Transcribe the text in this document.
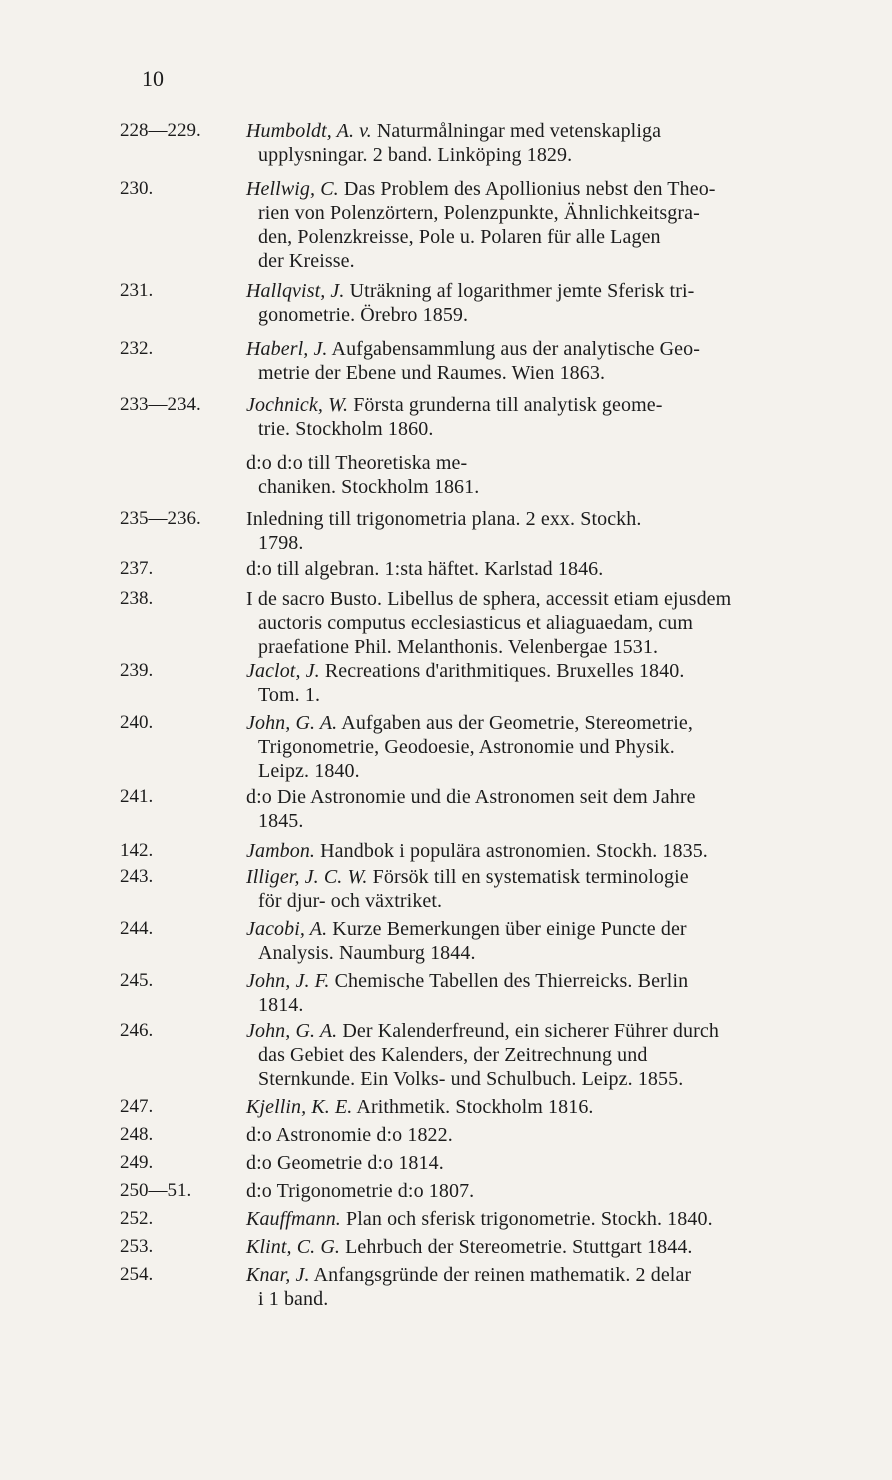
10
228—229. Humboldt, A. v. Naturmålningar med vetenskapliga
upplysningar. 2 band. Linköping 1829.
230.	Hellwig, C. Das Problem des Apollionius nebst den Theo-
rien von Polenzörtern, Polenzpunkte, Ähnlichkeitsgra-
den, Polenzkreisse, Pole u. Polaren für alle Lagen
der Kreisse.
231.	Hallqvist, J. Uträkning af logarithmer jemte Sferisk tri-
gonometrie. Örebro 1859.
232.	Haberl, J. Aufgabensammlung aus der analytische Geo-
metrie der Ebene und Raumes. Wien 1863.
233—234. Jochnick, W. Första grunderna till analytisk geome-
trie. Stockholm 1860.
d:o d:o till Theoretiska me-
chaniken. Stockholm 1861.
235—236. Inledning till trigonometria plana. 2 exx. Stockh.
1798.
237.	d:o till algebran. 1:sta häftet. Karlstad 1846.
238.	I de sacro Busto. Libellus de sphera, accessit etiam ejusdem
auctoris computus ecclesiasticus et aliaguaedam, cum
praefatione Phil. Melanthonis. Velenbergae 1531.
239.	Jaclot, J. Recreations d'arithmitiques. Bruxelles 1840.
Tom. 1.
240.	John, G. A. Aufgaben aus der Geometrie, Stereometrie,
Trigonometrie, Geodoesie, Astronomie und Physik.
Leipz. 1840.
241.	d:o Die Astronomie und die Astronomen seit dem Jahre
1845.
142.	Jambon. Handbok i populära astronomien. Stockh. 1835.
243.	Illiger, J. C. W. Försök till en systematisk terminologie
för djur- och växtriket.
244.	Jacobi, A. Kurze Bemerkungen über einige Puncte der
Analysis. Naumburg 1844.
245.	John, J. F. Chemische Tabellen des Thierreicks. Berlin
1814.
246.	John, G. A. Der Kalenderfreund, ein sicherer Führer durch
das Gebiet des Kalenders, der Zeitrechnung und
Sternkunde. Ein Volks- und Schulbuch. Leipz. 1855.
247.	Kjellin, K. E. Arithmetik. Stockholm 1816.
248.	d:o Astronomie d:o 1822.
249.	d:o Geometrie d:o 1814.
250—51.	d:o Trigonometrie d:o 1807.
252.	Kauffmann. Plan och sferisk trigonometrie. Stockh. 1840.
253.	Klint, C. G. Lehrbuch der Stereometrie. Stuttgart 1844.
254.	Knar, J. Anfangsgründe der reinen mathematik. 2 delar
i 1 band.
